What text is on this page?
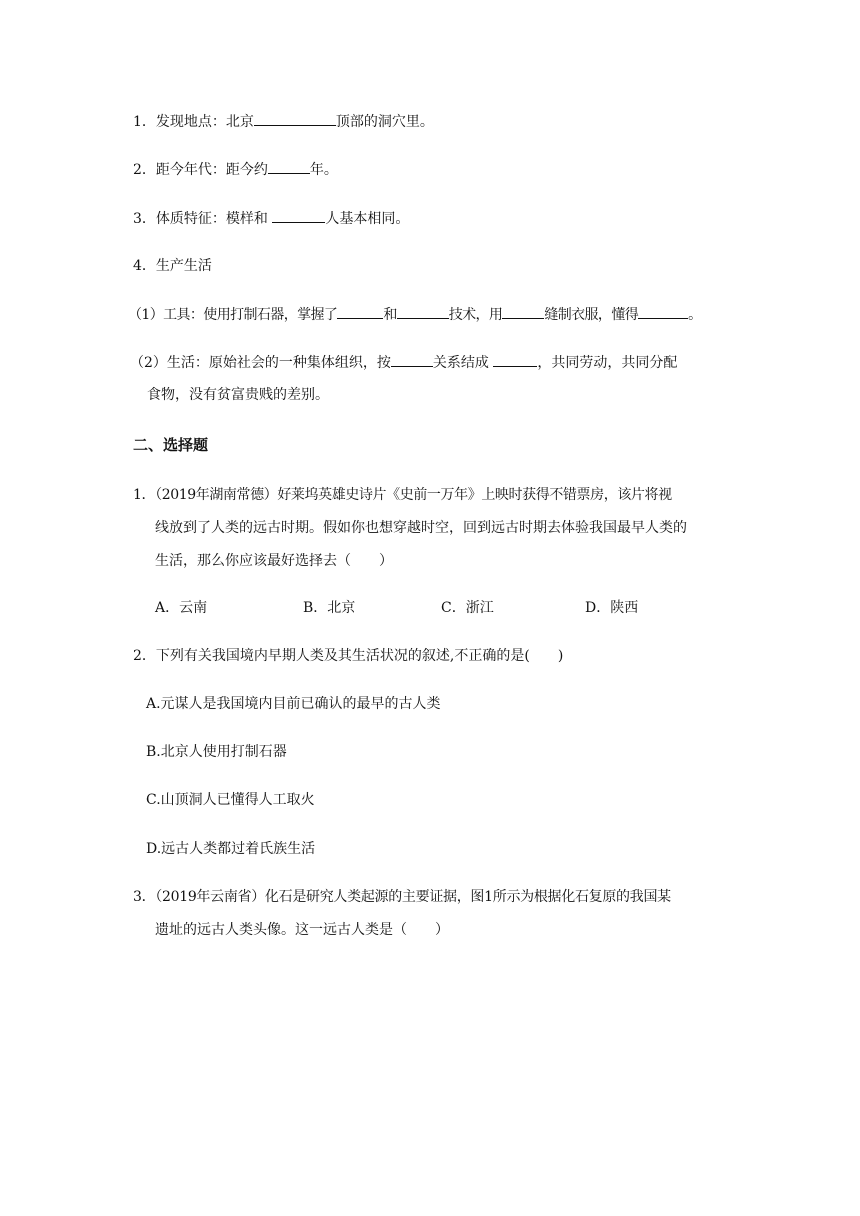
1．发现地点：北京	顶部的洞穴里。
2．距今年代：距今约	年。
3．体质特征：模样和	人基本相同。
4．生产生活
（1）工具：使用打制石器，掌握了	和	技术，用	缝制衣服，懂得	。
（2）生活：原始社会的一种集体组织，按	关系结成	，共同劳动，共同分配
食物，没有贫富贵贱的差别。
二、选择题
1．（2019年湖南常德）好莱坞英雄史诗片《史前一万年》上映时获得不错票房，该片将视
线放到了人类的远古时期。假如你也想穿越时空，回到远古时期去体验我国最早人类的
生活，那么你应该最好选择去（　　）
A．云南	B．北京	C．浙江	D．陕西
2．下列有关我国境内早期人类及其生活状况的叙述,不正确的是(　　)
A.元谋人是我国境内目前已确认的最早的古人类
B.北京人使用打制石器
C.山顶洞人已懂得人工取火
D.远古人类都过着氏族生活
3．（2019年云南省）化石是研究人类起源的主要证据，图1所示为根据化石复原的我国某
遗址的远古人类头像。这一远古人类是（　　）
